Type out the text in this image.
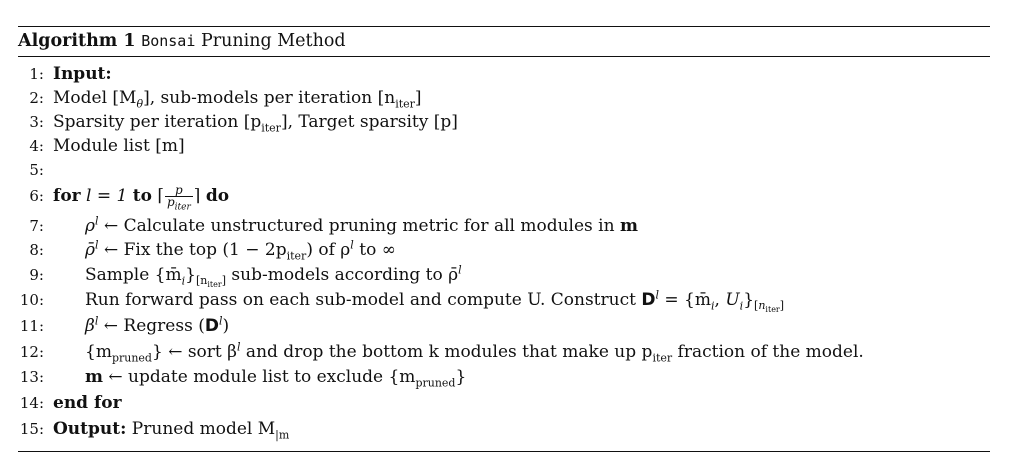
Algorithm 1 Bonsai Pruning Method
1: Input:
2: Model $[M_\theta]$, sub-models per iteration $[n_{iter}]$
3: Sparsity per iteration $[p_{iter}]$, Target sparsity [p]
4: Module list [m]
5:
6: for l = 1 to ⌈ $\frac{p}{p_{iter}}$ ⌉ do
7: $\rho^l$ ← Calculate unstructured pruning metric for all modules in m
8: ρ̄$^l$ ← Fix the top $(1 - 2p_{iter})$ of $\rho^l$ to ∞
9: Sample $\{m̄_i\}_{[n_{iter}]}$ sub-models according to ρ̄$^l$
10: Run forward pass on each sub-model and compute U. Construct $D^l$ = {$m̄_i$, $U_i\}_{[n_{iter}]}$
11: $\beta^l$ ← Regress $(D^l)$
12: $\{m_{pruned}\}$ ← sort $\beta^l$ and drop the bottom k modules that make up $p_{iter}$ fraction of the model.
13: m ← update module list to exclude $\{m_{pruned}\}$
14: end for
15: Output: Pruned model $M_{|m}$
